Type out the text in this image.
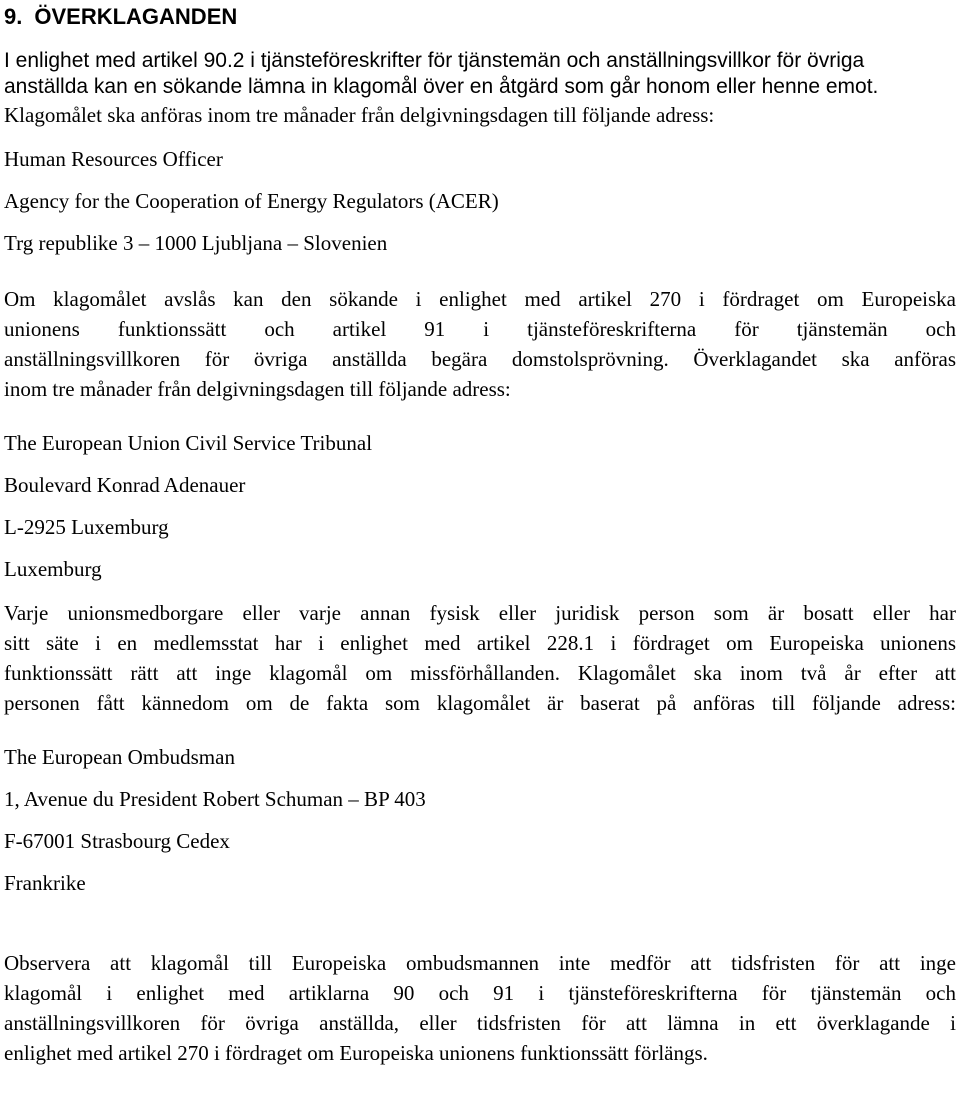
9. ÖVERKLAGANDEN
I enlighet med artikel 90.2 i tjänsteföreskrifter för tjänstemän och anställningsvillkor för övriga
anställda kan en sökande lämna in klagomål över en åtgärd som går honom eller henne emot.
Klagomålet ska anföras inom tre månader från delgivningsdagen till följande adress:

Human Resources Officer

Agency for the Cooperation of Energy Regulators (ACER)

Trg republike 3 – 1000 Ljubljana – Slovenien

Om klagomålet avslås kan den sökande i enlighet med artikel 270 i fördraget om Europeiska
unionens funktionssätt och artikel 91 i tjänsteföreskrifterna för tjänstemän och
anställningsvillkoren för övriga anställda begära domstolsprövning. Överklagandet ska anföras
inom tre månader från delgivningsdagen till följande adress:

The European Union Civil Service Tribunal

Boulevard Konrad Adenauer

L-2925 Luxemburg

Luxemburg

Varje unionsmedborgare eller varje annan fysisk eller juridisk person som är bosatt eller har
sitt säte i en medlemsstat har i enlighet med artikel 228.1 i fördraget om Europeiska unionens
funktionssätt rätt att inge klagomål om missförhållanden. Klagomålet ska inom två år efter att
personen fått kännedom om de fakta som klagomålet är baserat på anföras till följande adress:

The European Ombudsman

1, Avenue du President Robert Schuman – BP 403

F-67001 Strasbourg Cedex

Frankrike

Observera att klagomål till Europeiska ombudsmannen inte medför att tidsfristen för att inge
klagomål i enlighet med artiklarna 90 och 91 i tjänsteföreskrifterna för tjänstemän och
anställningsvillkoren för övriga anställda, eller tidsfristen för att lämna in ett överklagande i
enlighet med artikel 270 i fördraget om Europeiska unionens funktionssätt förlängs.
